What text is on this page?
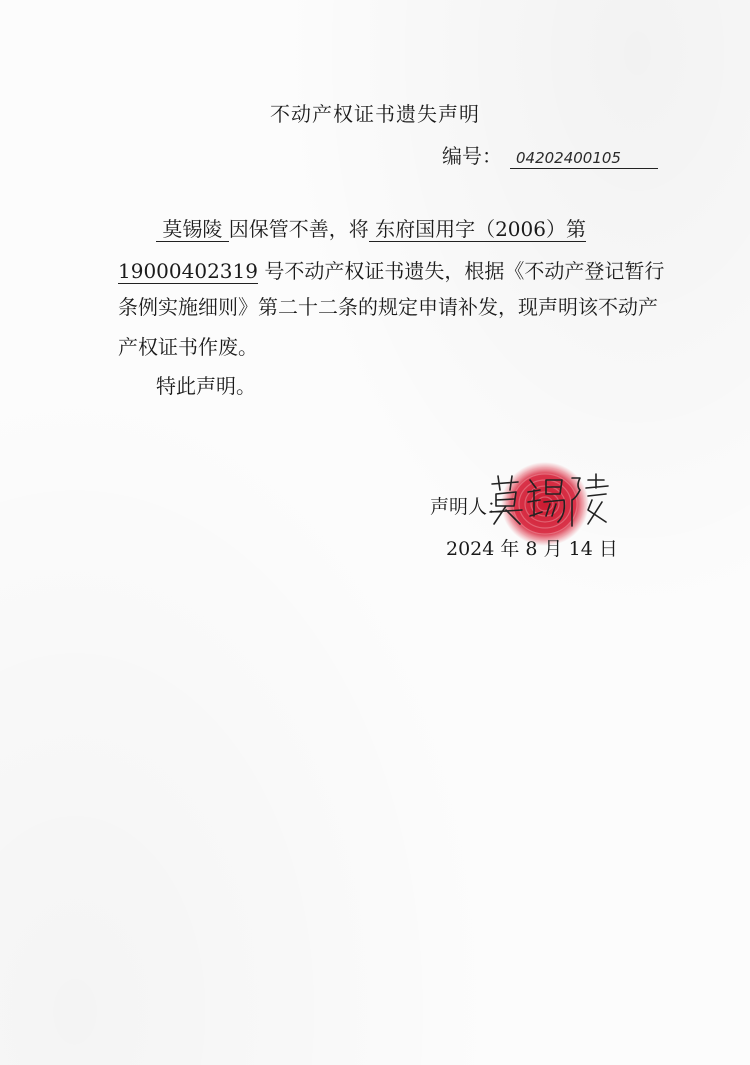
不动产权证书遗失声明
编号： 04202400105
莫锡陵 因保管不善，将 东府国用字（2006）第
19000402319 号不动产权证书遗失，根据《不动产登记暂行
条例实施细则》第二十二条的规定申请补发，现声明该不动产
产权证书作废。
特此声明。
声明人：
2024 年 8 月 14 日
